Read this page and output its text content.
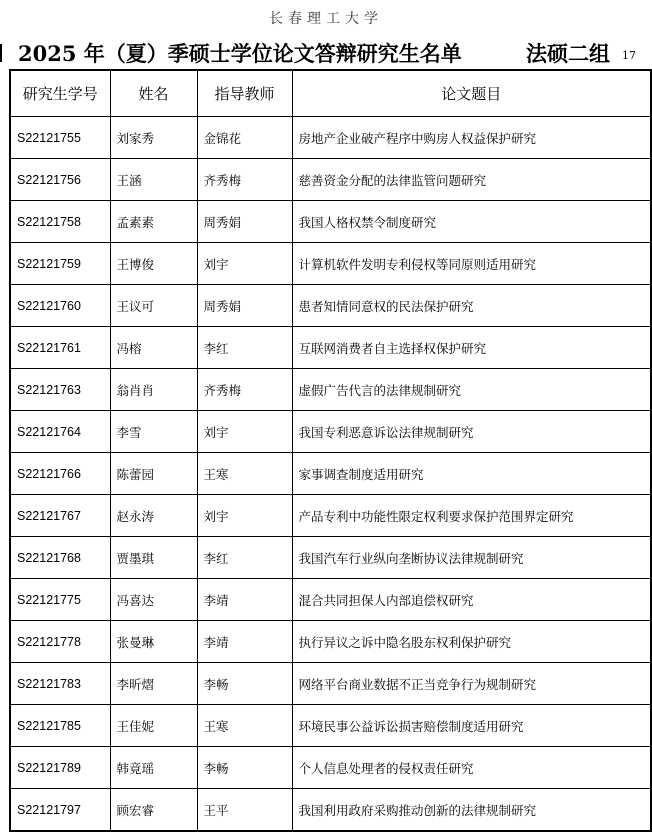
长春理工大学
2025 年（夏）季硕士学位论文答辩研究生名单	法硕二组 17
研究生学号	姓名	指导教师	论文题目
S22121755	刘家秀	金锦花	房地产企业破产程序中购房人权益保护研究
S22121756	王涵	齐秀梅	慈善资金分配的法律监管问题研究
S22121758	孟素素	周秀娟	我国人格权禁令制度研究
S22121759	王博俊	刘宇	计算机软件发明专利侵权等同原则适用研究
S22121760	王议可	周秀娟	患者知情同意权的民法保护研究
S22121761	冯榕	李红	互联网消费者自主选择权保护研究
S22121763	翁肖肖	齐秀梅	虚假广告代言的法律规制研究
S22121764	李雪	刘宇	我国专利恶意诉讼法律规制研究
S22121766	陈蕾园	王寒	家事调查制度适用研究
S22121767	赵永涛	刘宇	产品专利中功能性限定权利要求保护范围界定研究
S22121768	贾墨琪	李红	我国汽车行业纵向垄断协议法律规制研究
S22121775	冯喜达	李靖	混合共同担保人内部追偿权研究
S22121778	张曼琳	李靖	执行异议之诉中隐名股东权利保护研究
S22121783	李昕熠	李畅	网络平台商业数据不正当竞争行为规制研究
S22121785	王佳妮	王寒	环境民事公益诉讼损害赔偿制度适用研究
S22121789	韩竟瑶	李畅	个人信息处理者的侵权责任研究
S22121797	顾宏睿	王平	我国利用政府采购推动创新的法律规制研究
